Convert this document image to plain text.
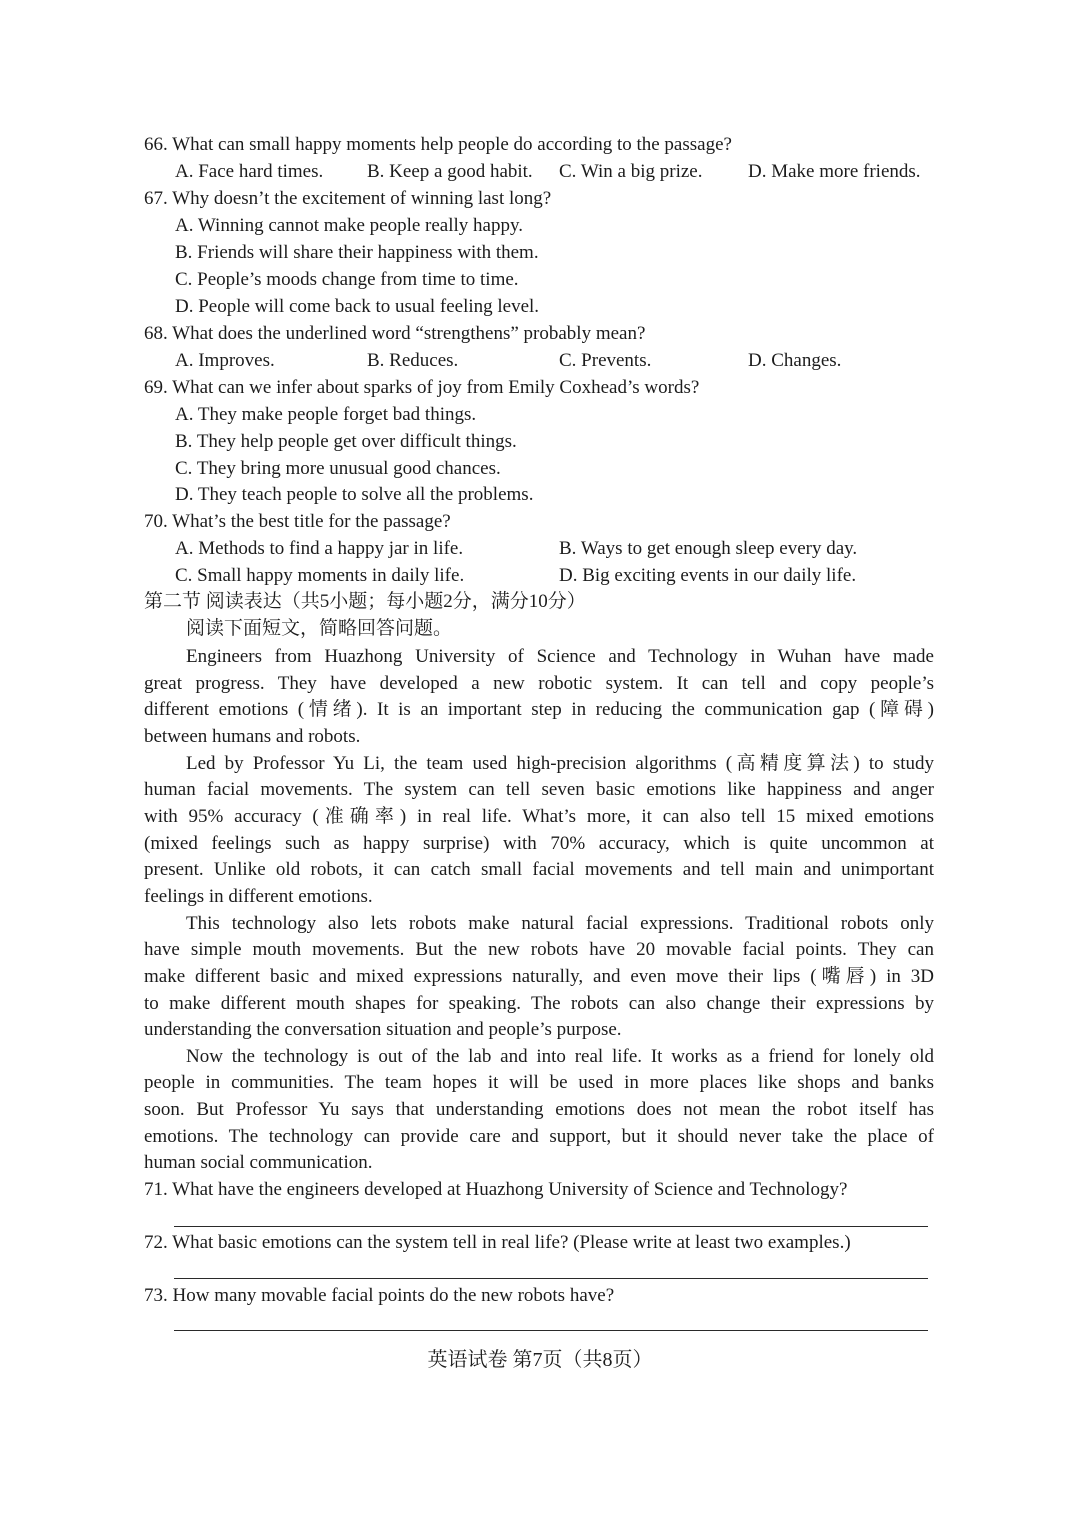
66. What can small happy moments help people do according to the passage?
A. Face hard times. B. Keep a good habit. C. Win a big prize. D. Make more friends.
67. Why doesn’t the excitement of winning last long?
A. Winning cannot make people really happy.
B. Friends will share their happiness with them.
C. People’s moods change from time to time.
D. People will come back to usual feeling level.
68. What does the underlined word “strengthens” probably mean?
A. Improves.	B. Reduces.	C. Prevents.	D. Changes.
69. What can we infer about sparks of joy from Emily Coxhead’s words?
A. They make people forget bad things.
B. They help people get over difficult things.
C. They bring more unusual good chances.
D. They teach people to solve all the problems.
70. What’s the best title for the passage?
A. Methods to find a happy jar in life.	B. Ways to get enough sleep every day.
C. Small happy moments in daily life.	D. Big exciting events in our daily life.
第二节 阅读表达（共5小题；每小题2分，满分10分）
阅读下面短文，简略回答问题。
Engineers from Huazhong University of Science and Technology in Wuhan have made
great progress. They have developed a new robotic system. It can tell and copy people’s
different emotions (情绪). It is an important step in reducing the communication gap (障碍)
between humans and robots.
Led by Professor Yu Li, the team used high-precision algorithms (高精度算法) to study
human facial movements. The system can tell seven basic emotions like happiness and anger
with 95% accuracy (准确率) in real life. What’s more, it can also tell 15 mixed emotions
(mixed feelings such as happy surprise) with 70% accuracy, which is quite uncommon at
present. Unlike old robots, it can catch small facial movements and tell main and unimportant
feelings in different emotions.
This technology also lets robots make natural facial expressions. Traditional robots only
have simple mouth movements. But the new robots have 20 movable facial points. They can
make different basic and mixed expressions naturally, and even move their lips (嘴唇) in 3D
to make different mouth shapes for speaking. The robots can also change their expressions by
understanding the conversation situation and people’s purpose.
Now the technology is out of the lab and into real life. It works as a friend for lonely old
people in communities. The team hopes it will be used in more places like shops and banks
soon. But Professor Yu says that understanding emotions does not mean the robot itself has
emotions. The technology can provide care and support, but it should never take the place of
human social communication.
71. What have the engineers developed at Huazhong University of Science and Technology?
72. What basic emotions can the system tell in real life? (Please write at least two examples.)
73. How many movable facial points do the new robots have?
英语试卷 第7页（共8页）
